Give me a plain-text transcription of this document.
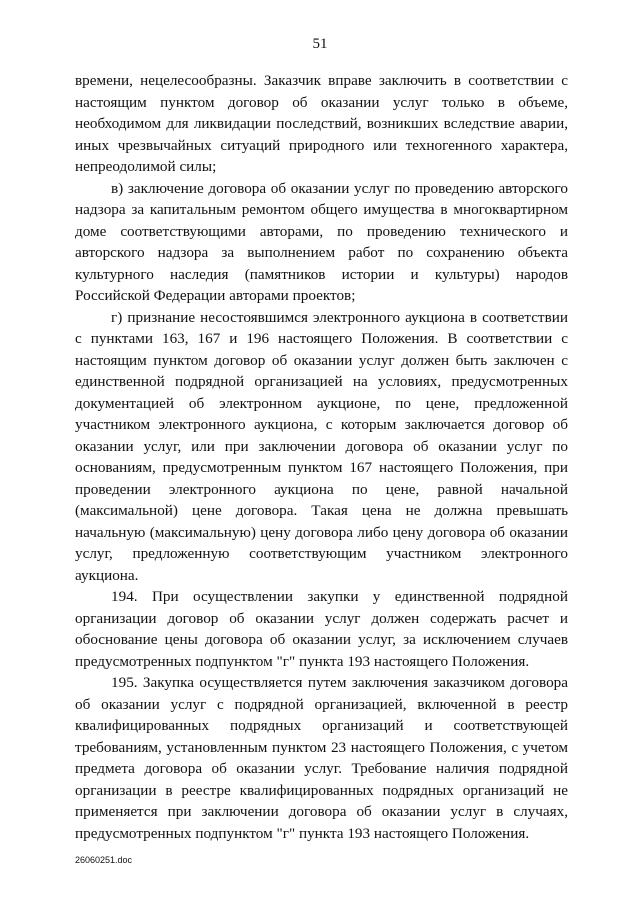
51

времени, нецелесообразны. Заказчик вправе заключить в соответствии с настоящим пунктом договор об оказании услуг только в объеме, необходимом для ликвидации последствий, возникших вследствие аварии, иных чрезвычайных ситуаций природного или техногенного характера, непреодолимой силы;

в) заключение договора об оказании услуг по проведению авторского надзора за капитальным ремонтом общего имущества в многоквартирном доме соответствующими авторами, по проведению технического и авторского надзора за выполнением работ по сохранению объекта культурного наследия (памятников истории и культуры) народов Российской Федерации авторами проектов;

г) признание несостоявшимся электронного аукциона в соответствии с пунктами 163, 167 и 196 настоящего Положения. В соответствии с настоящим пунктом договор об оказании услуг должен быть заключен с единственной подрядной организацией на условиях, предусмотренных документацией об электронном аукционе, по цене, предложенной участником электронного аукциона, с которым заключается договор об оказании услуг, или при заключении договора об оказании услуг по основаниям, предусмотренным пунктом 167 настоящего Положения, при проведении электронного аукциона по цене, равной начальной (максимальной) цене договора. Такая цена не должна превышать начальную (максимальную) цену договора либо цену договора об оказании услуг, предложенную соответствующим участником электронного аукциона.

194. При осуществлении закупки у единственной подрядной организации договор об оказании услуг должен содержать расчет и обоснование цены договора об оказании услуг, за исключением случаев предусмотренных подпунктом "г" пункта 193 настоящего Положения.

195. Закупка осуществляется путем заключения заказчиком договора об оказании услуг с подрядной организацией, включенной в реестр квалифицированных подрядных организаций и соответствующей требованиям, установленным пунктом 23 настоящего Положения, с учетом предмета договора об оказании услуг. Требование наличия подрядной организации в реестре квалифицированных подрядных организаций не применяется при заключении договора об оказании услуг в случаях, предусмотренных подпунктом "г" пункта 193 настоящего Положения.

26060251.doc
